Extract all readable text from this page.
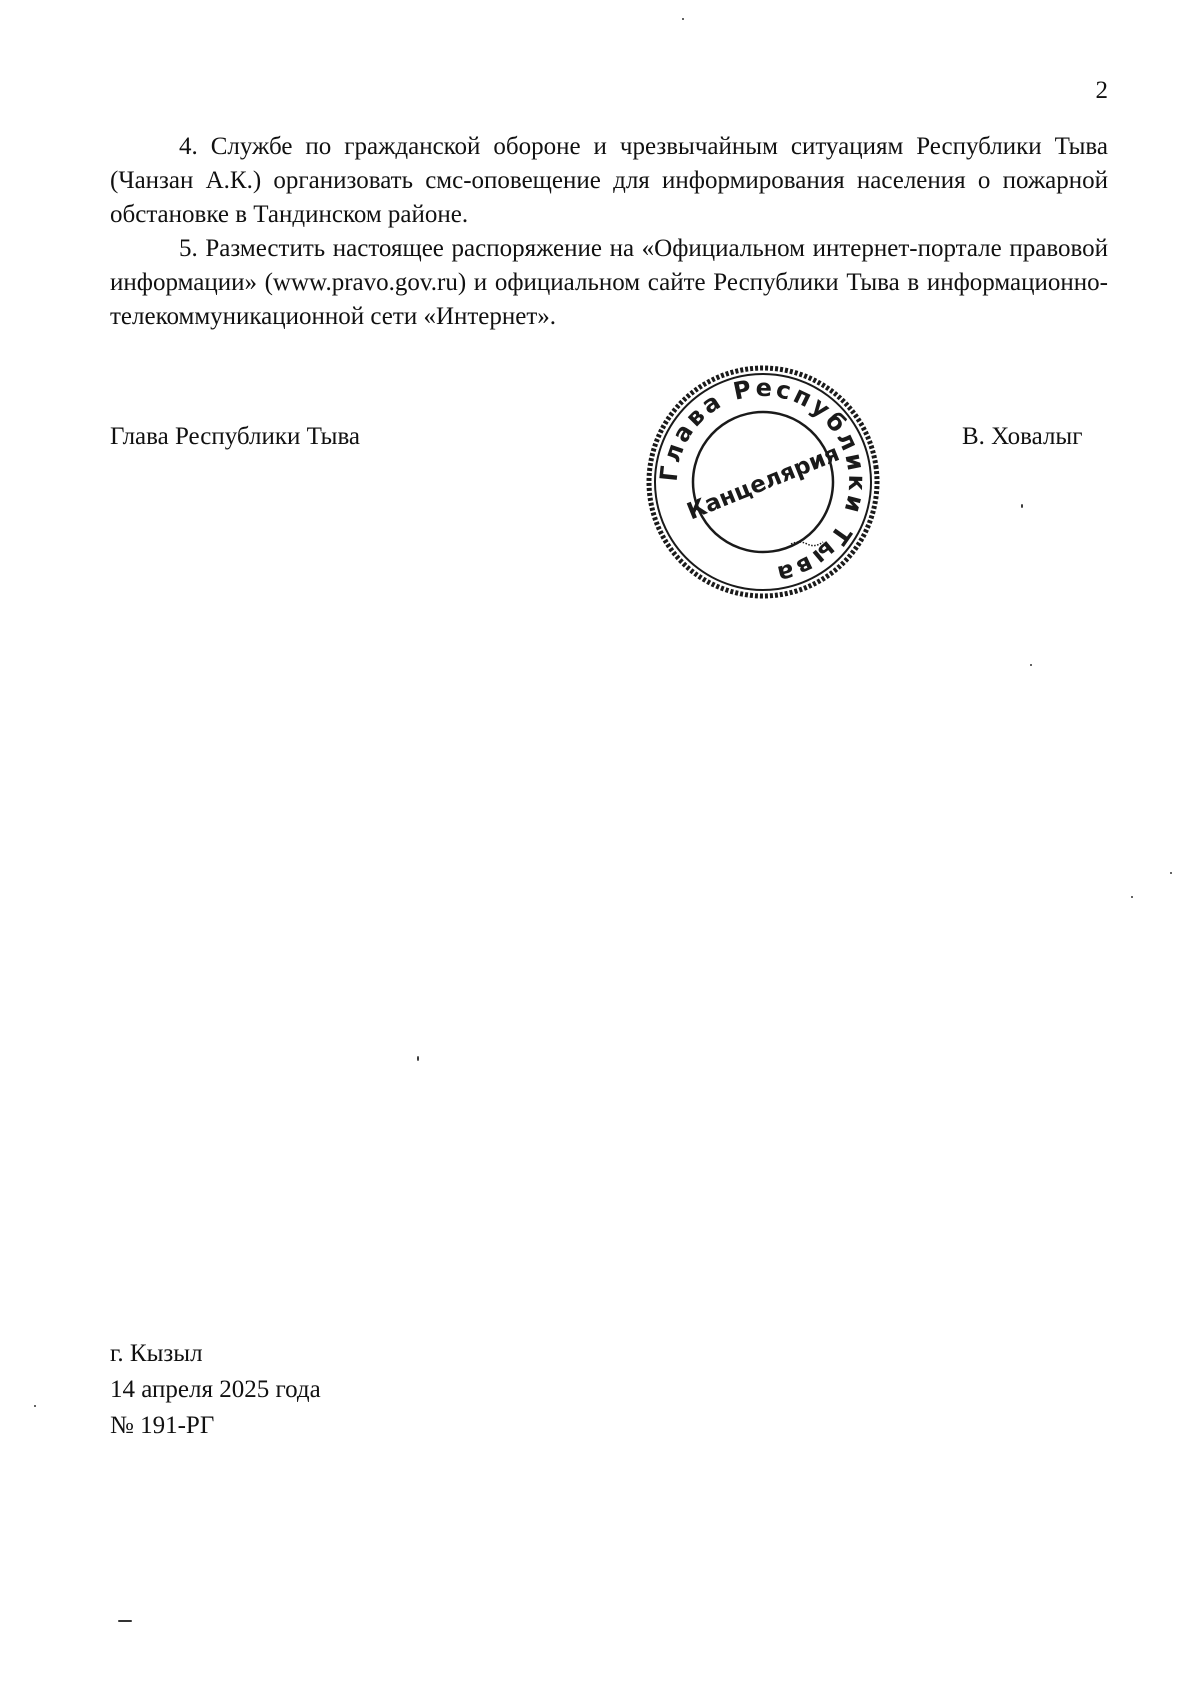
2

4. Службе по гражданской обороне и чрезвычайным ситуациям Республики Тыва (Чанзан А.К.) организовать смс-оповещение для информирования населения о пожарной обстановке в Тандинском районе.

5. Разместить настоящее распоряжение на «Официальном интернет-портале правовой информации» (www.pravo.gov.ru) и официальном сайте Республики Тыва в информационно-телекоммуникационной сети «Интернет».

Глава Республики Тыва	В. Ховалыг
Глава Республики Тыва
Канцелярия
г. Кызыл
14 апреля 2025 года
№ 191-РГ
